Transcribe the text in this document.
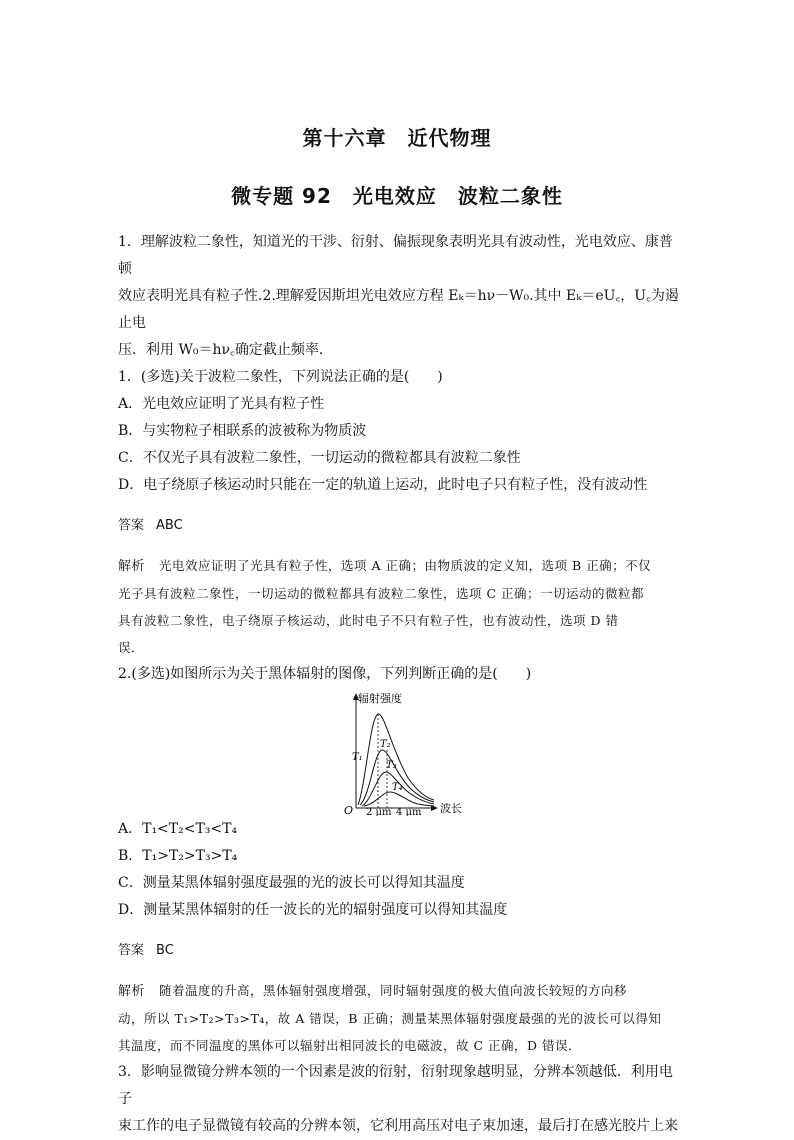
第十六章　近代物理
微专题 92　光电效应　波粒二象性

1．理解波粒二象性，知道光的干涉、衍射、偏振现象表明光具有波动性，光电效应、康普顿

效应表明光具有粒子性.2.理解爱因斯坦光电效应方程 Eₖ＝hν－W₀.其中 Eₖ＝eU꜀，U꜀为遏止电

压．利用 W₀＝hν꜀确定截止频率．

1．(多选)关于波粒二象性，下列说法正确的是(　　)

A．光电效应证明了光具有粒子性

B．与实物粒子相联系的波被称为物质波

C．不仅光子具有波粒二象性，一切运动的微粒都具有波粒二象性

D．电子绕原子核运动时只能在一定的轨道上运动，此时电子只有粒子性，没有波动性

答案 ABC

解析 光电效应证明了光具有粒子性，选项 A 正确；由物质波的定义知，选项 B 正确；不仅

光子具有波粒二象性，一切运动的微粒都具有波粒二象性，选项 C 正确；一切运动的微粒都

具有波粒二象性，电子绕原子核运动，此时电子不只有粒子性，也有波动性，选项 D 错

误．

2.(多选)如图所示为关于黑体辐射的图像，下列判断正确的是(　　)

辐射强度
波长
O 2 μm 4 μm
T₁
T₂
T₃
T₄

A．T₁<T₂<T₃<T₄

B．T₁>T₂>T₃>T₄

C．测量某黑体辐射强度最强的光的波长可以得知其温度

D．测量某黑体辐射的任一波长的光的辐射强度可以得知其温度

答案 BC

解析 随着温度的升高，黑体辐射强度增强，同时辐射强度的极大值向波长较短的方向移

动，所以 T₁>T₂>T₃>T₄，故 A 错误，B 正确；测量某黑体辐射强度最强的光的波长可以得知

其温度，而不同温度的黑体可以辐射出相同波长的电磁波，故 C 正确，D 错误．

3．影响显微镜分辨本领的一个因素是波的衍射，衍射现象越明显，分辨本领越低．利用电子

束工作的电子显微镜有较高的分辨本领，它利用高压对电子束加速，最后打在感光胶片上来
